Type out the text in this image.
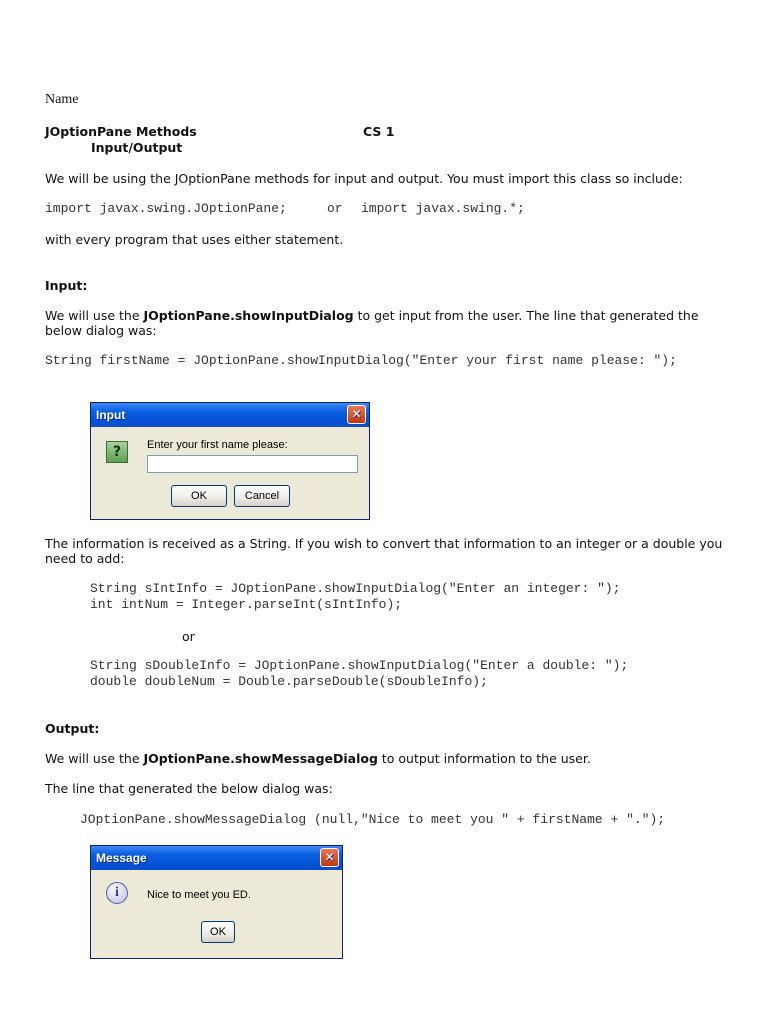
Name
JOptionPane Methods	CS 1
Input/Output
We will be using the JOptionPane methods for input and output. You must import this class so include:
import javax.swing.JOptionPane;	or import javax.swing.*;
with every program that uses either statement.
Input:
We will use the JOptionPane.showInputDialog to get input from the user. The line that generated the below dialog was:
String firstName = JOptionPane.showInputDialog("Enter your first name please: ");
Input	✕
?	Enter your first name please:
OK	Cancel
The information is received as a String. If you wish to convert that information to an integer or a double you need to add:
String sIntInfo = JOptionPane.showInputDialog("Enter an integer: ");
int intNum = Integer.parseInt(sIntInfo);
or
String sDoubleInfo = JOptionPane.showInputDialog("Enter a double: ");
double doubleNum = Double.parseDouble(sDoubleInfo);
Output:
We will use the JOptionPane.showMessageDialog to output information to the user.
The line that generated the below dialog was:
JOptionPane.showMessageDialog (null,"Nice to meet you " + firstName + ".");
Message	✕
i	Nice to meet you ED.
OK
